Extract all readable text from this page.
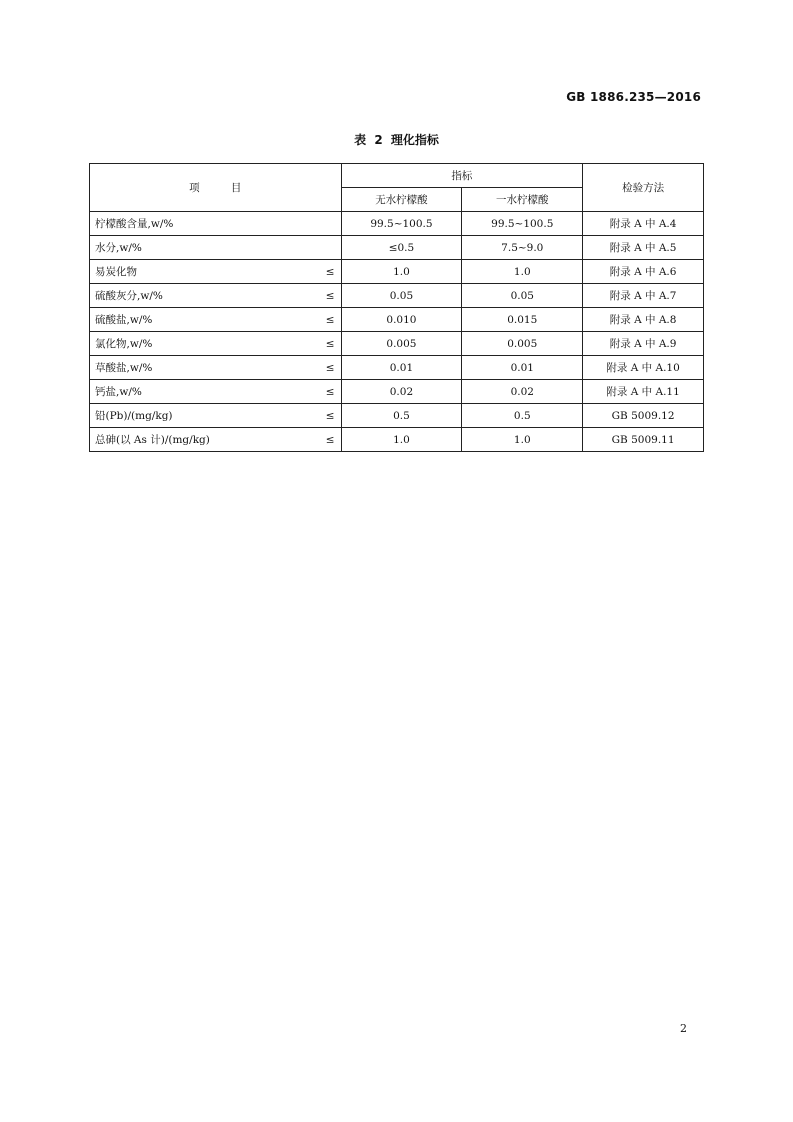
GB 1886.235—2016
表 2 理化指标
项 目	指标		检验方法
	无水柠檬酸	一水柠檬酸	

柠檬酸含量,w/%	99.5~100.5	99.5~100.5	附录 A 中 A.4

水分,w/%	≤0.5	7.5~9.0	附录 A 中 A.5

易炭化物 ≤	1.0	1.0	附录 A 中 A.6

硫酸灰分,w/% ≤	0.05	0.05	附录 A 中 A.7

硫酸盐,w/% ≤	0.010	0.015	附录 A 中 A.8

氯化物,w/% ≤	0.005	0.005	附录 A 中 A.9

草酸盐,w/% ≤	0.01	0.01	附录 A 中 A.10

钙盐,w/% ≤	0.02	0.02	附录 A 中 A.11

铅(Pb)/(mg/kg) ≤	0.5	0.5	GB 5009.12

总砷(以 As 计)/(mg/kg) ≤	1.0	1.0	GB 5009.11
2
